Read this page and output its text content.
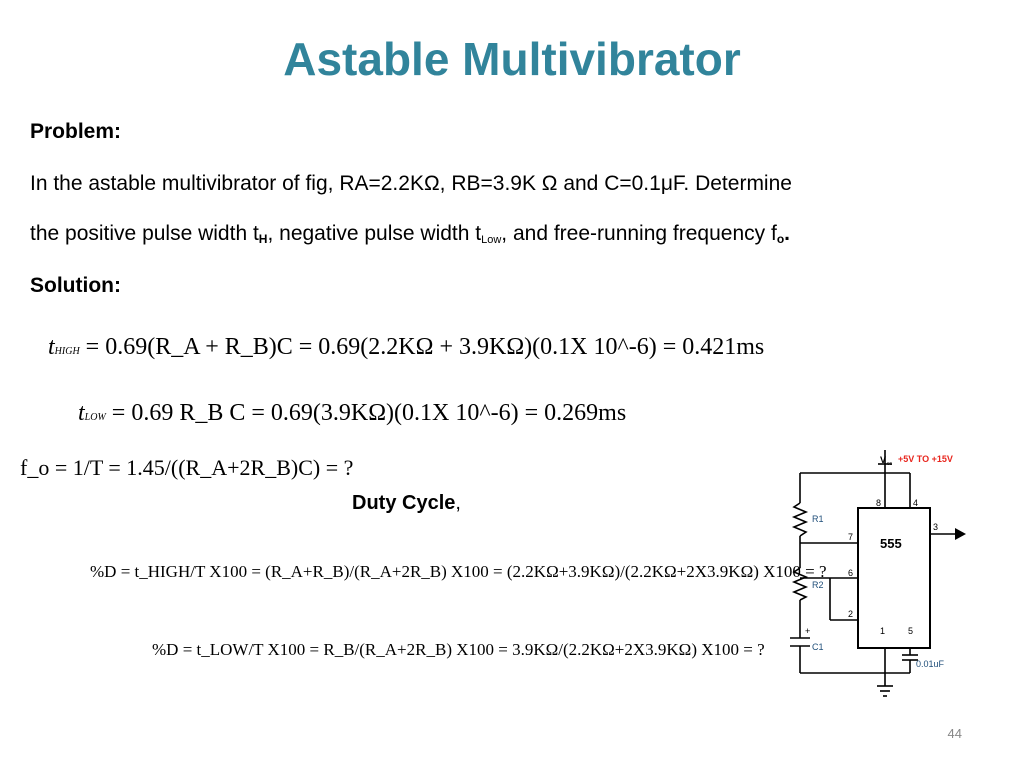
Astable Multivibrator
Problem:
In the astable multivibrator of fig, RA=2.2KΩ, RB=3.9K Ω and C=0.1μF. Determine
the positive pulse width $t_H$, negative pulse width $t_{Low}$, and free-running frequency $f_o$.
Solution:
tHIGH = 0.69(R_A + R_B)C = 0.69(2.2KΩ + 3.9KΩ)(0.1X 10^-6) = 0.421ms
tLOW = 0.69 R_B C = 0.69(3.9KΩ)(0.1X 10^-6) = 0.269ms
f_o = 1/T = 1.45/((R_A+2R_B)C) = ?
Duty Cycle,
%D = t_HIGH/T X100 = (R_A+R_B)/(R_A+2R_B) X100 = (2.2KΩ+3.9KΩ)/(2.2KΩ+2X3.9KΩ) X100 = ?
%D = t_LOW/T X100 = R_B/(R_A+2R_B) X100 = 3.9KΩ/(2.2KΩ+2X3.9KΩ) X100 = ?
V cc +5V TO +15V
555
R1
R2
C1
+
0.01uF
8	4
7
6
2
1	5
3
44
